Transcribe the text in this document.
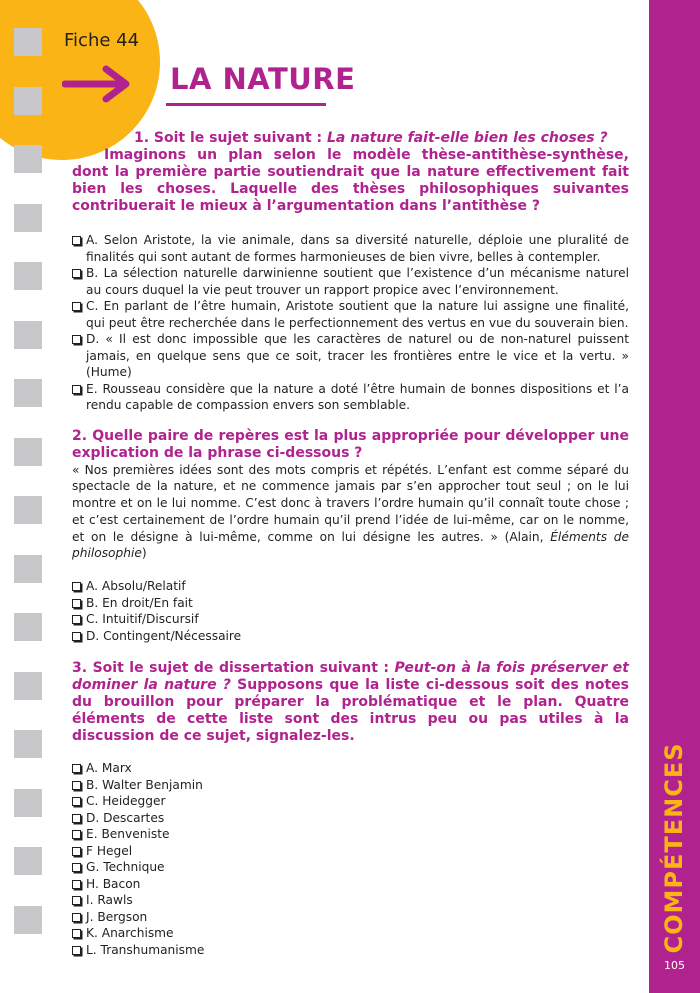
Fiche 44
COMPÉTENCES
105
LA NATURE

1. Soit le sujet suivant : La nature fait-elle bien les choses ?

Imaginons un plan selon le modèle thèse-antithèse-synthèse, dont la première partie soutiendrait que la nature effectivement fait bien les choses. Laquelle des thèses philosophiques suivantes contribuerait le mieux à l’argumentation dans l’antithèse ?

A. Selon Aristote, la vie animale, dans sa diversité naturelle, déploie une pluralité de finalités qui sont autant de formes harmonieuses de bien vivre, belles à contempler.
B. La sélection naturelle darwinienne soutient que l’existence d’un mécanisme naturel au cours duquel la vie peut trouver un rapport propice avec l’environnement.
C. En parlant de l’être humain, Aristote soutient que la nature lui assigne une finalité, qui peut être recherchée dans le perfectionnement des vertus en vue du souverain bien.
D. « Il est donc impossible que les caractères de naturel ou de non-naturel puissent jamais, en quelque sens que ce soit, tracer les frontières entre le vice et la vertu. » (Hume)
E. Rousseau considère que la nature a doté l’être humain de bonnes dispositions et l’a rendu capable de compassion envers son semblable.

2. Quelle paire de repères est la plus appropriée pour développer une explication de la phrase ci-dessous ?

« Nos premières idées sont des mots compris et répétés. L’enfant est comme séparé du spectacle de la nature, et ne commence jamais par s’en approcher tout seul ; on le lui montre et on le lui nomme. C’est donc à travers l’ordre humain qu’il connaît toute chose ; et c’est certainement de l’ordre humain qu’il prend l’idée de lui-même, car on le nomme, et on le désigne à lui-même, comme on lui désigne les autres. » (Alain, Éléments de philosophie)

A. Absolu/Relatif
B. En droit/En fait
C. Intuitif/Discursif
D. Contingent/Nécessaire

3. Soit le sujet de dissertation suivant : Peut-on à la fois préserver et dominer la nature ? Supposons que la liste ci-dessous soit des notes du brouillon pour préparer la problématique et le plan. Quatre éléments de cette liste sont des intrus peu ou pas utiles à la discussion de ce sujet, signalez-les.

A. Marx
B. Walter Benjamin
C. Heidegger
D. Descartes
E. Benveniste
F Hegel
G. Technique
H. Bacon
I. Rawls
J. Bergson
K. Anarchisme
L. Transhumanisme
